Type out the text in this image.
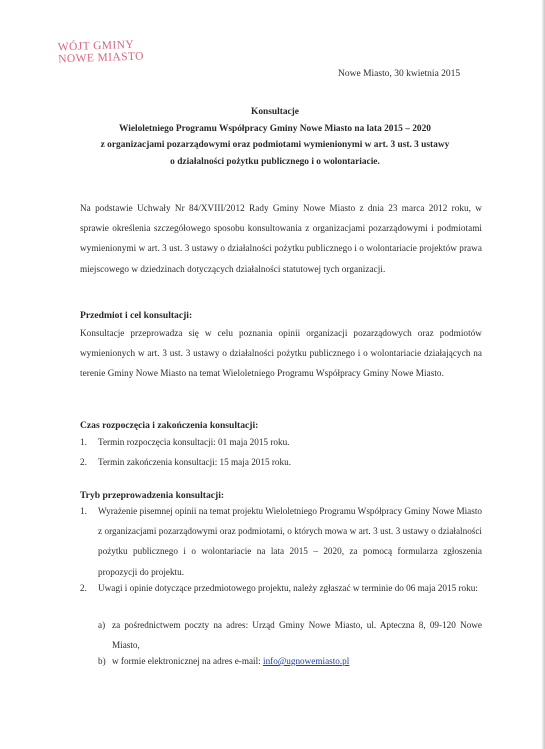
WÓJT GMINY
NOWE MIASTO
Nowe Miasto, 30 kwietnia 2015
Konsultacje
Wieloletniego Programu Współpracy Gminy Nowe Miasto na lata 2015 – 2020
z organizacjami pozarządowymi oraz podmiotami wymienionymi w art. 3 ust. 3 ustawy
o działalności pożytku publicznego i o wolontariacie.
Na podstawie Uchwały Nr 84/XVIII/2012 Rady Gminy Nowe Miasto z dnia 23 marca 2012 roku, w sprawie określenia szczegółowego sposobu konsultowania z organizacjami pozarządowymi i podmiotami wymienionymi w art. 3 ust. 3 ustawy o działalności pożytku publicznego i o wolontariacie projektów prawa miejscowego w dziedzinach dotyczących działalności statutowej tych organizacji.
Przedmiot i cel konsultacji:
Konsultacje przeprowadza się w celu poznania opinii organizacji pozarządowych oraz podmiotów wymienionych w art. 3 ust. 3 ustawy o działalności pożytku publicznego i o wolontariacie działających na terenie Gminy Nowe Miasto na temat Wieloletniego Programu Współpracy Gminy Nowe Miasto.
Czas rozpoczęcia i zakończenia konsultacji:
1.	Termin rozpoczęcia konsultacji: 01 maja 2015 roku.
2.	Termin zakończenia konsultacji: 15 maja 2015 roku.
Tryb przeprowadzenia konsultacji:
1.	Wyrażenie pisemnej opinii na temat projektu Wieloletniego Programu Współpracy Gminy Nowe Miasto z organizacjami pozarządowymi oraz podmiotami, o których mowa w art. 3 ust. 3 ustawy o działalności pożytku publicznego i o wolontariacie na lata 2015 – 2020, za pomocą formularza zgłoszenia propozycji do projektu.
2.	Uwagi i opinie dotyczące przedmiotowego projektu, należy zgłaszać w terminie do 06 maja 2015 roku:
a) za pośrednictwem poczty na adres: Urząd Gminy Nowe Miasto, ul. Apteczna 8, 09-120 Nowe Miasto,
b) w formie elektronicznej na adres e-mail: info@ugnowemiasto.pl
